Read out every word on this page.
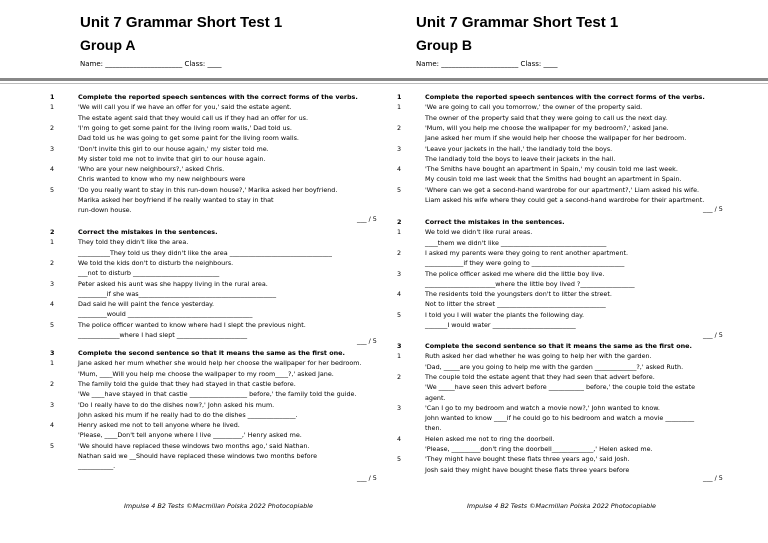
Unit 7 Grammar Short Test 1
Group A
Name: ______________________ Class: ____
Unit 7 Grammar Short Test 1
Group B
Name: ______________________ Class: ____
1	Complete the reported speech sentences with the correct forms of the verbs.
1	'We will call you if we have an offer for you,' said the estate agent.
The estate agent said that they would call us if they had an offer for us.
2	'I'm going to get some paint for the living room walls,' Dad told us.
Dad told us he was going to get some paint for the living room walls.
3	'Don't invite this girl to our house again,' my sister told me.
My sister told me not to invite that girl to our house again.
4	'Who are your new neighbours?,' asked Chris.
Chris wanted to know who my new neighbours were
5	'Do you really want to stay in this run-down house?,' Marika asked her boyfriend.
Marika asked her boyfriend if he really wanted to stay in that
run-down house.
___ / 5
2	Correct the mistakes in the sentences.
1	They told they didn't like the area.
__________They told us they didn't like the area ________________________________
2	We told the kids don't to disturb the neighbours.
___not to disturb ___________________________
3	Peter asked his aunt was she happy living in the rural area.
_________if she was___________________________________________
4	Dad said he will paint the fence yesterday.
_________would _______________________________________
5	The police officer wanted to know where had I slept the previous night.
_____________where I had slept ______________________
___ / 5
3	Complete the second sentence so that it means the same as the first one.
1	Jane asked her mum whether she would help her choose the wallpaper for her bedroom.
'Mum, ____Will you help me choose the wallpaper to my room____?,' asked Jane.
2	The family told the guide that they had stayed in that castle before.
'We ____have stayed in that castle __________________ before,' the family told the guide.
3	'Do I really have to do the dishes now?,' John asked his mum.
John asked his mum if he really had to do the dishes _______________.
4	Henry asked me not to tell anyone where he lived.
'Please, ____Don't tell anyone where I live _________,' Henry asked me.
5	'We should have replaced these windows two months ago,' said Nathan.
Nathan said we __Should have replaced these windows two months before
___________.
___ / 5
1	Complete the reported speech sentences with the correct forms of the verbs.
1	'We are going to call you tomorrow,' the owner of the property said.
The owner of the property said that they were going to call us the next day.
2	'Mum, will you help me choose the wallpaper for my bedroom?,' asked Jane.
Jane asked her mum if she would help her choose the wallpaper for her bedroom.
3	'Leave your jackets in the hall,' the landlady told the boys.
The landlady told the boys to leave their jackets in the hall.
4	'The Smiths have bought an apartment in Spain,' my cousin told me last week.
My cousin told me last week that the Smiths had bought an apartment in Spain.
5	'Where can we get a second-hand wardrobe for our apartment?,' Liam asked his wife.
Liam asked his wife where they could get a second-hand wardrobe for their apartment.
___ / 5
2	Correct the mistakes in the sentences.
1	We told we didn't like rural areas.
____them we didn't like _________________________________
2	I asked my parents were they going to rent another apartment.
____________if they were going to _____________________________
3	The police officer asked me where did the little boy live.
______________________where the little boy lived ?_________________
4	The residents told the youngsters don't to litter the street.
Not to litter the street __________________________________
5	I told you I will water the plants the following day.
_______I would water __________________________
___ / 5
3	Complete the second sentence so that it means the same as the first one.
1	Ruth asked her dad whether he was going to help her with the garden.
'Dad, _____are you going to help me with the garden _____________?,' asked Ruth.
2	The couple told the estate agent that they had seen that advert before.
'We _____have seen this advert before ___________ before,' the couple told the estate
agent.
3	'Can I go to my bedroom and watch a movie now?,' John wanted to know.
John wanted to know ____if he could go to his bedroom and watch a movie _________
then.
4	Helen asked me not to ring the doorbell.
'Please, _________don't ring the doorbell_____________,' Helen asked me.
5	'They might have bought these flats three years ago,' said Josh.
Josh said they might have bought these flats three years before
___ / 5
Impulse 4 B2 Tests ©Macmillan Polska 2022 Photocopiable	Impulse 4 B2 Tests ©Macmillan Polska 2022 Photocopiable
